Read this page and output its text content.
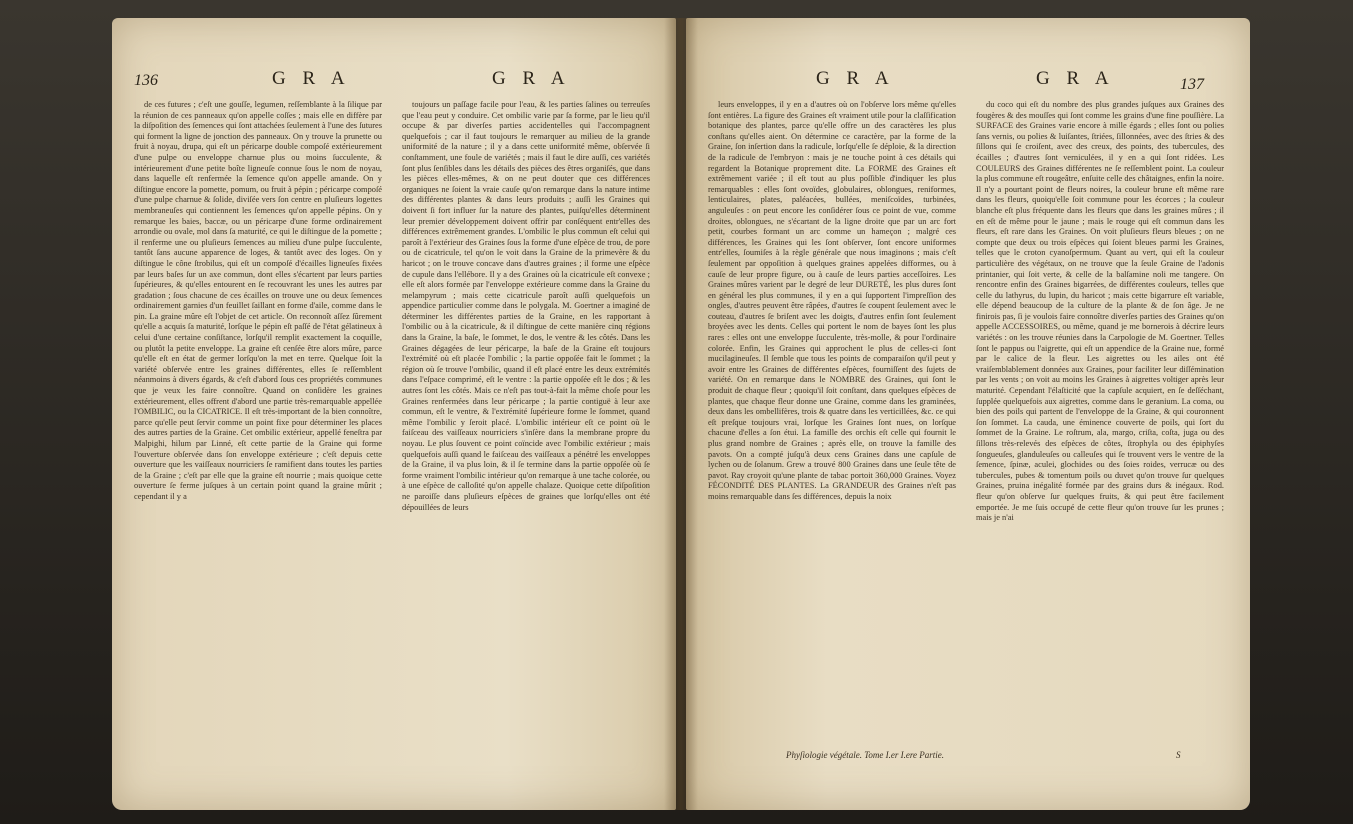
136	G R A	G R A

de ces futures ; c'eſt une gouſſe, legumen, reſſemblante à la ſilique par la réunion de ces panneaux qu'on appelle coſſes ; mais elle en diffère par la diſpoſition des ſemences qui ſont attachées ſeulement à l'une des ſutures qui forment la ligne de jonction des panneaux. On y trouve la prunette ou fruit à noyau, drupa, qui eſt un péricarpe double compoſé extérieurement d'une pulpe ou enveloppe charnue plus ou moins ſucculente, & intérieurement d'une petite boîte ligneuſe connue ſous le nom de noyau, dans laquelle eſt renfermée la ſemence qu'on appelle amande. On y diſtingue encore la pomette, pomum, ou fruit à pépin ; péricarpe compoſé d'une pulpe charnue & ſolide, diviſée vers ſon centre en pluſieurs logettes membraneuſes qui contiennent les ſemences qu'on appelle pépins. On y remarque les baies, baccæ, ou un péricarpe d'une forme ordinairement arrondie ou ovale, mol dans ſa maturité, ce qui le diſtingue de la pomette ; il renferme une ou pluſieurs ſemences au milieu d'une pulpe ſucculente, tantôt ſans aucune apparence de loges, & tantôt avec des loges. On y diſtingue le cône ſtrobilus, qui eſt un compoſé d'écailles ligneuſes fixées par leurs baſes ſur un axe commun, dont elles s'écartent par leurs parties ſupérieures, & qu'elles entourent en ſe recouvrant les unes les autres par gradation ; ſous chacune de ces écailles on trouve une ou deux ſemences ordinairement garnies d'un feuillet ſaillant en forme d'aile, comme dans le pin. La graine mûre eſt l'objet de cet article. On reconnoît aſſez ſûrement qu'elle a acquis ſa maturité, lorſque le pépin eſt paſſé de l'état gélatineux à celui d'une certaine conſiſtance, lorſqu'il remplit exactement la coquille, ou plutôt la petite enveloppe. La graine eſt cenſée être alors mûre, parce qu'elle eſt en état de germer lorſqu'on la met en terre. Quelque ſoit la variété obſervée entre les graines différentes, elles ſe reſſemblent néanmoins à divers égards, & c'eſt d'abord ſous ces propriétés communes que je veux les faire connoître. Quand on conſidère les graines extérieurement, elles offrent d'abord une partie très-remarquable appellée l'OMBILIC, ou la CICATRICE. Il eſt très-important de la bien connoître, parce qu'elle peut ſervir comme un point fixe pour déterminer les places des autres parties de la Graine. Cet ombilic extérieur, appellé feneſtra par Malpighi, hilum par Linné, eſt cette partie de la Graine qui forme l'ouverture obſervée dans ſon enveloppe extérieure ; c'eſt depuis cette ouverture que les vaiſſeaux nourriciers ſe ramifient dans toutes les parties de la Graine ; c'eſt par elle que la graine eſt nourrie ; mais quoique cette ouverture ſe ferme juſques à un certain point quand la graine mûrit ; cependant il y a

toujours un paſſage facile pour l'eau, & les parties ſalines ou terreuſes que l'eau peut y conduire. Cet ombilic varie par ſa forme, par le lieu qu'il occupe & par diverſes parties accidentelles qui l'accompagnent quelquefois ; car il faut toujours le remarquer au milieu de la grande uniformité de la nature ; il y a dans cette uniformité même, obſervée ſi conſtamment, une foule de variétés ; mais il faut le dire auſſi, ces variétés ſont plus ſenſibles dans les détails des pièces des êtres organiſés, que dans les pièces elles-mêmes, & on ne peut douter que ces différences organiques ne ſoient la vraie cauſe qu'on remarque dans la nature intime des différentes plantes & dans leurs produits ; auſſi les Graines qui doivent ſi fort influer ſur la nature des plantes, puiſqu'elles déterminent leur premier développement doivent offrir par conſéquent entr'elles des différences extrêmement grandes. L'ombilic le plus commun eſt celui qui paroît à l'extérieur des Graines ſous la forme d'une eſpèce de trou, de pore ou de cicatricule, tel qu'on le voit dans la Graine de la primevère & du haricot ; on le trouve concave dans d'autres graines ; il forme une eſpèce de cupule dans l'ellébore. Il y a des Graines où la cicatricule eſt convexe ; elle eſt alors formée par l'enveloppe extérieure comme dans la Graine du melampyrum ; mais cette cicatricule paroît auſſi quelquefois un appendice particulier comme dans le polygala. M. Goertner a imaginé de déterminer les différentes parties de la Graine, en les rapportant à l'ombilic ou à la cicatricule, & il diſtingue de cette manière cinq régions dans la Graine, la baſe, le ſommet, le dos, le ventre & les côtés. Dans les Graines dégagées de leur péricarpe, la baſe de la Graine eſt toujours l'extrémité où eſt placée l'ombilic ; la partie oppoſée fait le ſommet ; la région où ſe trouve l'ombilic, quand il eſt placé entre les deux extrémités dans l'eſpace comprimé, eſt le ventre : la partie oppoſée eſt le dos ; & les autres ſont les côtés. Mais ce n'eſt pas tout-à-fait la même choſe pour les Graines renfermées dans leur péricarpe ; la partie contiguë à leur axe commun, eſt le ventre, & l'extrémité ſupérieure forme le ſommet, quand même l'ombilic y ſeroit placé. L'ombilic intérieur eſt ce point où le faiſceau des vaiſſeaux nourriciers s'inſère dans la membrane propre du noyau. Le plus ſouvent ce point coïncide avec l'ombilic extérieur ; mais quelquefois auſſi quand le faiſceau des vaiſſeaux a pénétré les enveloppes de la Graine, il va plus loin, & il ſe termine dans la partie oppoſée où ſe forme vraiment l'ombilic intérieur qu'on remarque à une tache colorée, ou à une eſpèce de calloſité qu'on appelle chalaze. Quoique cette diſpoſition ne paroiſſe dans pluſieurs eſpèces de graines que lorſqu'elles ont été dépouillées de leurs

G R A	G R A	137

leurs enveloppes, il y en a d'autres où on l'obſerve lors même qu'elles ſont entières. La figure des Graines eſt vraiment utile pour la claſſification botanique des plantes, parce qu'elle offre un des caractères les plus conſtans qu'elles aient. On détermine ce caractère, par la forme de la Graine, ſon inſertion dans la radicule, lorſqu'elle ſe déploie, & la direction de la radicule de l'embryon : mais je ne touche point à ces détails qui regardent la Botanique proprement dite. La FORME des Graines eſt extrêmement variée ; il eſt tout au plus poſſible d'indiquer les plus remarquables : elles ſont ovoïdes, globulaires, oblongues, reniformes, lenticulaires, plates, paléacées, bullées, meniſcoïdes, turbinées, anguleuſes : on peut encore les conſidérer ſous ce point de vue, comme droites, oblongues, ne s'écartant de la ligne droite que par un arc fort petit, courbes formant un arc comme un hameçon ; malgré ces différences, les Graines qui les ſont obſerver, ſont encore uniformes entr'elles, ſoumiſes à la règle générale que nous imaginons ; mais c'eſt ſeulement par oppoſition à quelques graines appelées difformes, ou à cauſe de leur propre figure, ou à cauſe de leurs parties acceſſoires. Les Graines mûres varient par le degré de leur DURETÉ, les plus dures ſont en général les plus communes, il y en a qui ſupportent l'impreſſion des ongles, d'autres peuvent être râpées, d'autres ſe coupent ſeulement avec le couteau, d'autres ſe briſent avec les doigts, d'autres enfin ſont ſeulement broyées avec les dents. Celles qui portent le nom de bayes ſont les plus rares : elles ont une enveloppe ſucculente, très-molle, & pour l'ordinaire colorée. Enfin, les Graines qui approchent le plus de celles-ci ſont mucilagineuſes. Il ſemble que tous les points de comparaiſon qu'il peut y avoir entre les Graines de différentes eſpèces, fourniſſent des ſujets de variété. On en remarque dans le NOMBRE des Graines, qui ſont le produit de chaque fleur ; quoiqu'il ſoit conſtant, dans quelques eſpèces de plantes, que chaque fleur donne une Graine, comme dans les graminées, deux dans les ombellifères, trois & quatre dans les verticillées, &c. ce qui eſt preſque toujours vrai, lorſque les Graines ſont nues, on lorſque chacune d'elles a ſon étui. La famille des orchis eſt celle qui fournit le plus grand nombre de Graines ; après elle, on trouve la famille des pavots. On a compté juſqu'à deux cens Graines dans une capſule de lychen ou de ſolanum. Grew a trouvé 800 Graines dans une ſeule tête de pavot. Ray croyoit qu'une plante de tabac portoit 360,000 Graines. Voyez FÉCONDITÉ DES PLANTES. La GRANDEUR des Graines n'eſt pas moins remarquable dans ſes différences, depuis la noix

du coco qui eſt du nombre des plus grandes juſques aux Graines des fougères & des mouſſes qui ſont comme les grains d'une fine pouſſière. La SURFACE des Graines varie encore à mille égards ; elles ſont ou polies ſans vernis, ou polies & luiſantes, ſtriées, ſillonnées, avec des ſtries & des ſillons qui ſe croiſent, avec des creux, des points, des tubercules, des écailles ; d'autres ſont verniculées, il y en a qui ſont ridées. Les COULEURS des Graines différentes ne ſe reſſemblent point. La couleur la plus commune eſt rougeâtre, enſuite celle des châtaignes, enfin la noire. Il n'y a pourtant point de fleurs noires, la couleur brune eſt même rare dans les fleurs, quoiqu'elle ſoit commune pour les écorces ; la couleur blanche eſt plus fréquente dans les fleurs que dans les graines mûres ; il en eſt de même pour le jaune ; mais le rouge qui eſt commun dans les fleurs, eſt rare dans les Graines. On voit pluſieurs fleurs bleues ; on ne compte que deux ou trois eſpèces qui ſoient bleues parmi les Graines, telles que le croton cyanoſpermum. Quant au vert, qui eſt la couleur particulière des végétaux, on ne trouve que la ſeule Graine de l'adonis printanier, qui ſoit verte, & celle de la balſamine noli me tangere. On rencontre enfin des Graines bigarrées, de différentes couleurs, telles que celle du lathyrus, du lupin, du haricot ; mais cette bigarrure eſt variable, elle dépend beaucoup de la culture de la plante & de ſon âge. Je ne finirois pas, ſi je voulois faire connoître diverſes parties des Graines qu'on appelle ACCESSOIRES, ou même, quand je me bornerois à décrire leurs variétés : on les trouve réunies dans la Carpologie de M. Goertner. Telles ſont le pappus ou l'aigrette, qui eſt un appendice de la Graine nue, formé par le calice de la fleur. Les aigrettes ou les ailes ont été vraiſemblablement données aux Graines, pour faciliter leur diſſémination par les vents ; on voit au moins les Graines à aigrettes voltiger après leur maturité. Cependant l'élaſticité que la capſule acquiert, en ſe deſſéchant, ſupplée quelquefois aux aigrettes, comme dans le geranium. La coma, ou bien des poils qui partent de l'enveloppe de la Graine, & qui couronnent ſon ſommet. La cauda, une éminence couverte de poils, qui ſort du ſommet de la Graine. Le roſtrum, ala, margo, criſta, coſta, juga ou des ſillons très-relevés des eſpèces de côtes, ſtrophyla ou des épiphyſes ſongueuſes, glanduleuſes ou calleuſes qui ſe trouvent vers le ventre de la ſemence, ſpinæ, aculei, glochides ou des ſoies roides, verrucæ ou des tubercules, pubes & tomentum poils ou duvet qu'on trouve ſur quelques Graines, pruina inégalité formée par des grains durs & inégaux. Rod. fleur qu'on obſerve ſur quelques fruits, & qui peut être facilement emportée. Je me ſuis occupé de cette fleur qu'on trouve ſur les prunes ; mais je n'ai

Phyſiologie végétale. Tome I.er I.ere Partie.	S
